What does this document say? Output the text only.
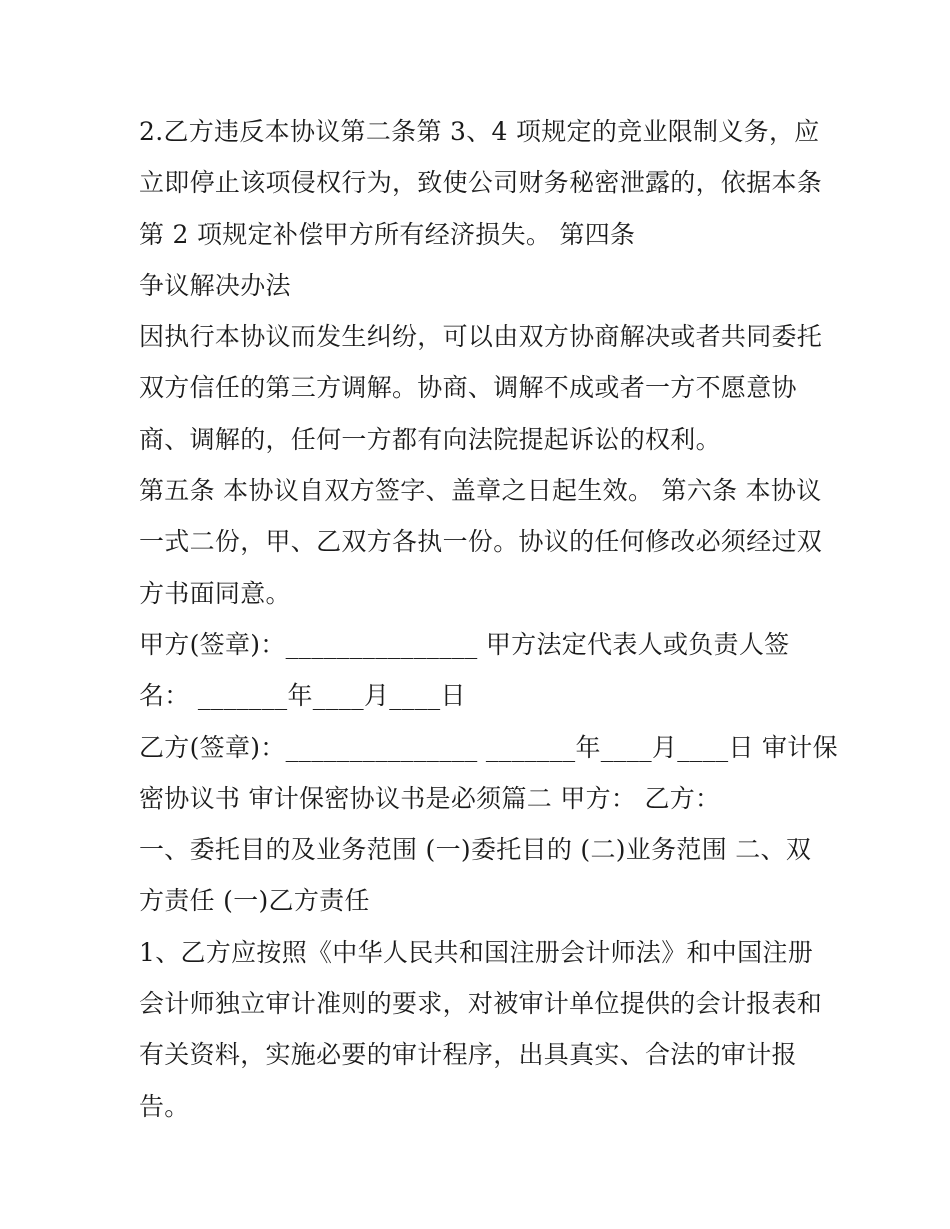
2.乙方违反本协议第二条第 3、4 项规定的竞业限制义务，应
立即停止该项侵权行为，致使公司财务秘密泄露的，依据本条
第 2 项规定补偿甲方所有经济损失。 第四条
争议解决办法
因执行本协议而发生纠纷，可以由双方协商解决或者共同委托
双方信任的第三方调解。协商、调解不成或者一方不愿意协
商、调解的，任何一方都有向法院提起诉讼的权利。
第五条 本协议自双方签字、盖章之日起生效。 第六条 本协议
一式二份，甲、乙双方各执一份。协议的任何修改必须经过双
方书面同意。
甲方(签章)：_______________ 甲方法定代表人或负责人签
名： _______年____月____日
乙方(签章)：_______________ _______年____月____日 审计保
密协议书 审计保密协议书是必须篇二 甲方： 乙方：
一、委托目的及业务范围 (一)委托目的 (二)业务范围 二、双
方责任 (一)乙方责任
1、乙方应按照《中华人民共和国注册会计师法》和中国注册
会计师独立审计准则的要求，对被审计单位提供的会计报表和
有关资料，实施必要的审计程序，出具真实、合法的审计报
告。
